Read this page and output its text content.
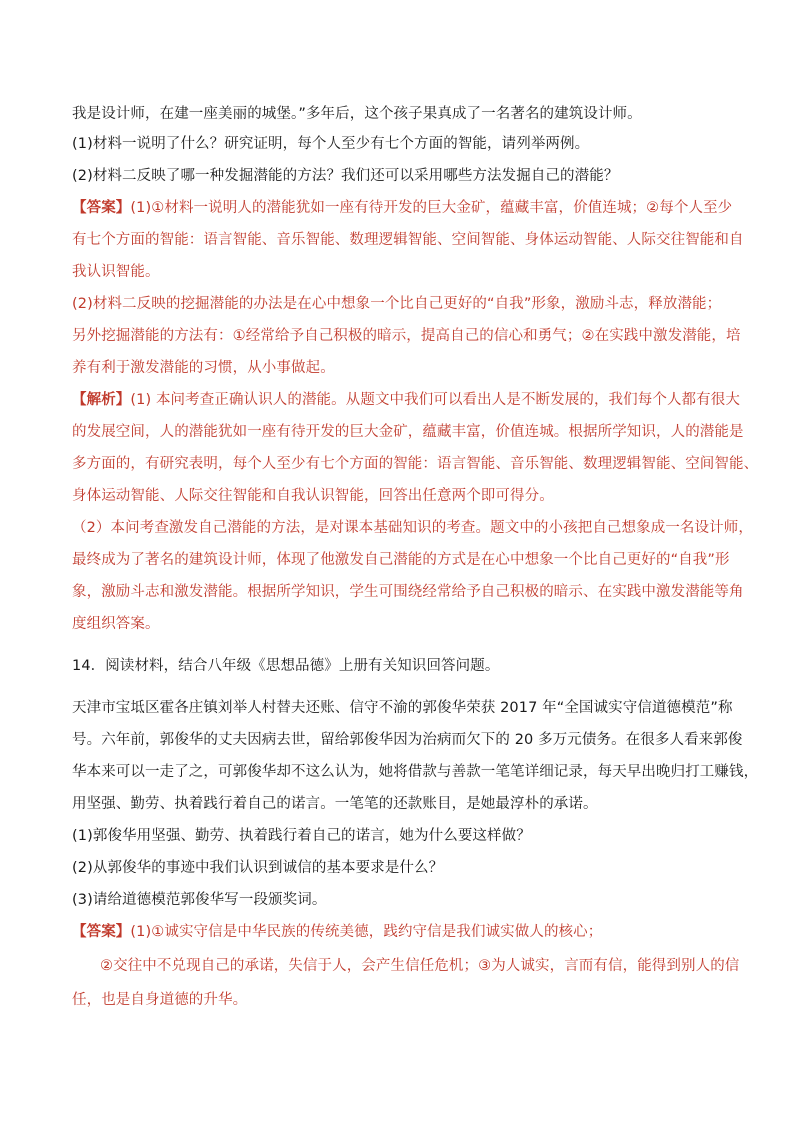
我是设计师，在建一座美丽的城堡。”多年后，这个孩子果真成了一名著名的建筑设计师。
(1)材料一说明了什么？研究证明，每个人至少有七个方面的智能，请列举两例。
(2)材料二反映了哪一种发掘潜能的方法？我们还可以采用哪些方法发掘自己的潜能？
【答案】(1)①材料一说明人的潜能犹如一座有待开发的巨大金矿，蕴藏丰富，价值连城；②每个人至少
有七个方面的智能：语言智能、音乐智能、数理逻辑智能、空间智能、身体运动智能、人际交往智能和自
我认识智能。
(2)材料二反映的挖掘潜能的办法是在心中想象一个比自己更好的“自我”形象，激励斗志，释放潜能；
另外挖掘潜能的方法有：①经常给予自己积极的暗示，提高自己的信心和勇气；②在实践中激发潜能，培
养有利于激发潜能的习惯，从小事做起。
【解析】(1) 本问考查正确认识人的潜能。从题文中我们可以看出人是不断发展的，我们每个人都有很大
的发展空间，人的潜能犹如一座有待开发的巨大金矿，蕴藏丰富，价值连城。根据所学知识，人的潜能是
多方面的，有研究表明，每个人至少有七个方面的智能：语言智能、音乐智能、数理逻辑智能、空间智能、
身体运动智能、人际交往智能和自我认识智能，回答出任意两个即可得分。
（2）本问考查激发自己潜能的方法，是对课本基础知识的考查。题文中的小孩把自己想象成一名设计师，
最终成为了著名的建筑设计师，体现了他激发自己潜能的方式是在心中想象一个比自己更好的“自我”形
象，激励斗志和激发潜能。根据所学知识，学生可围绕经常给予自己积极的暗示、在实践中激发潜能等角
度组织答案。
14．阅读材料，结合八年级《思想品德》上册有关知识回答问题。
天津市宝坻区霍各庄镇刘举人村替夫还账、信守不渝的郭俊华荣获 2017 年“全国诚实守信道德模范”称
号。六年前，郭俊华的丈夫因病去世，留给郭俊华因为治病而欠下的 20 多万元债务。在很多人看来郭俊
华本来可以一走了之，可郭俊华却不这么认为，她将借款与善款一笔笔详细记录，每天早出晚归打工赚钱，
用坚强、勤劳、执着践行着自己的诺言。一笔笔的还款账目，是她最淳朴的承诺。
(1)郭俊华用坚强、勤劳、执着践行着自己的诺言，她为什么要这样做？
(2)从郭俊华的事迹中我们认识到诚信的基本要求是什么？
(3)请给道德模范郭俊华写一段颁奖词。
【答案】(1)①诚实守信是中华民族的传统美德，践约守信是我们诚实做人的核心；
②交往中不兑现自己的承诺，失信于人，会产生信任危机；③为人诚实，言而有信，能得到别人的信
任，也是自身道德的升华。
